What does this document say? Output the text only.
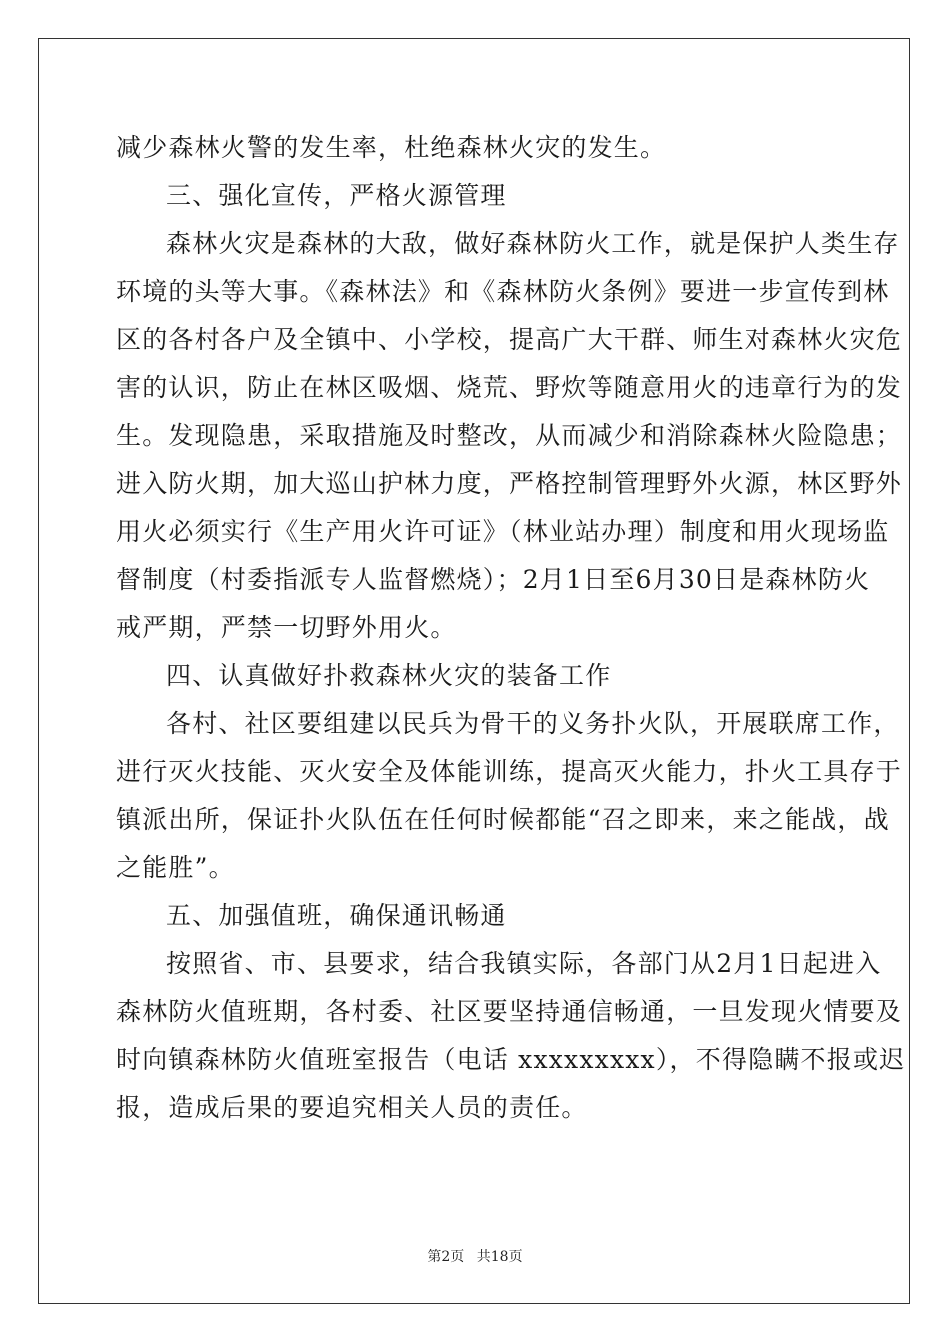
减少森林火警的发生率，杜绝森林火灾的发生。
三、强化宣传，严格火源管理
森林火灾是森林的大敌，做好森林防火工作，就是保护人类生存
环境的头等大事。《森林法》和《森林防火条例》要进一步宣传到林
区的各村各户及全镇中、小学校，提高广大干群、师生对森林火灾危
害的认识，防止在林区吸烟、烧荒、野炊等随意用火的违章行为的发
生。发现隐患，采取措施及时整改，从而减少和消除森林火险隐患；
进入防火期，加大巡山护林力度，严格控制管理野外火源，林区野外
用火必须实行《生产用火许可证》（林业站办理）制度和用火现场监
督制度（村委指派专人监督燃烧）；2月1日至6月30日是森林防火
戒严期，严禁一切野外用火。
四、认真做好扑救森林火灾的装备工作
各村、社区要组建以民兵为骨干的义务扑火队，开展联席工作，
进行灭火技能、灭火安全及体能训练，提高灭火能力，扑火工具存于
镇派出所，保证扑火队伍在任何时候都能“召之即来，来之能战，战
之能胜”。
五、加强值班，确保通讯畅通
按照省、市、县要求，结合我镇实际，各部门从2月1日起进入
森林防火值班期，各村委、社区要坚持通信畅通，一旦发现火情要及
时向镇森林防火值班室报告（电话 xxxxxxxxx），不得隐瞒不报或迟
报，造成后果的要追究相关人员的责任。
第2页 共18页
